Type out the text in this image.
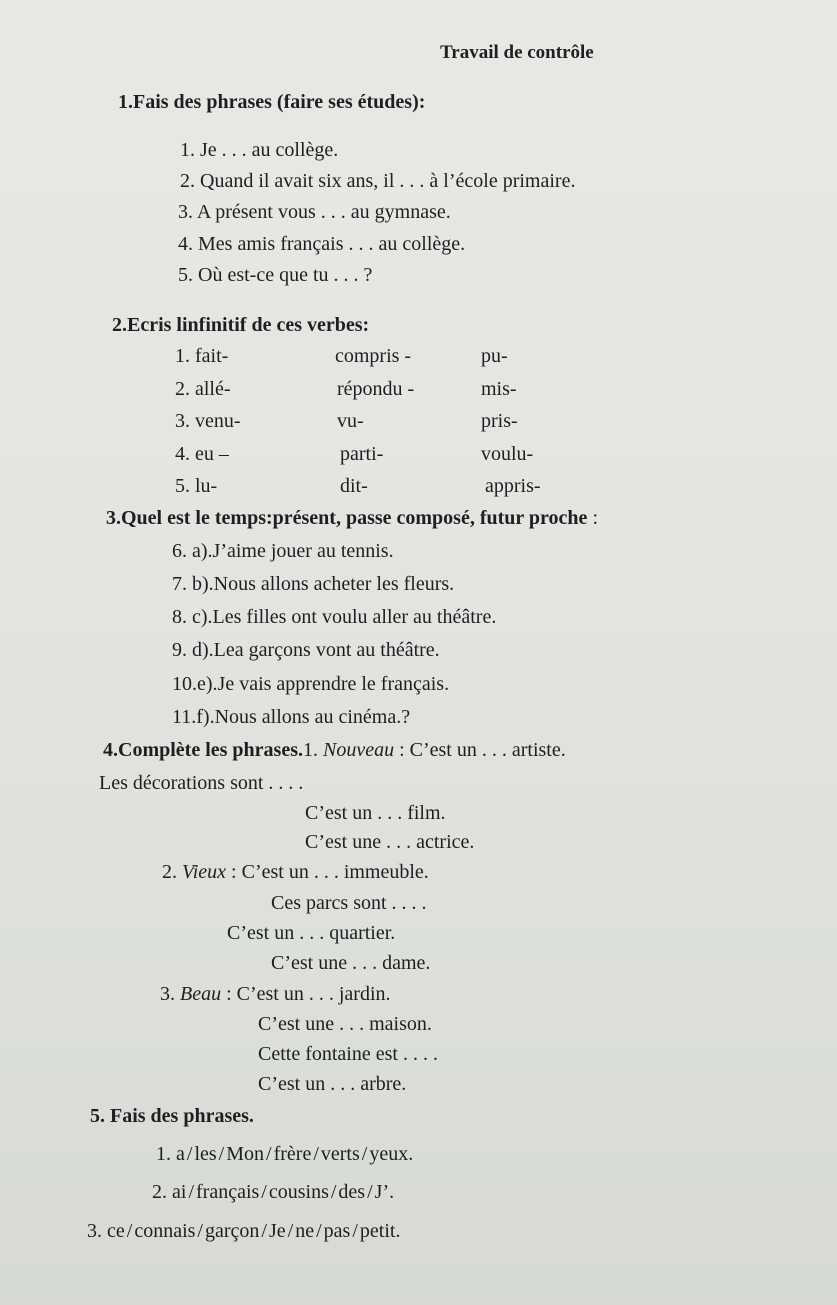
Travail de contrôle
1.Fais des phrases (faire ses études):
1. Je . . . au collège.
2. Quand il avait six ans, il . . . à l’école primaire.
3. A présent vous . . . au gymnase.
4. Mes amis français . . . au collège.
5. Où est-ce que tu . . . ?
2.Ecris linfinitif de ces verbes:
1. fait-	compris -	pu-
2. allé-	répondu -	mis-
3. venu-	vu-	pris-
4. eu –	parti-	voulu-
5. lu-	dit-	appris-
3.Quel est le temps:présent, passe composé, futur proche :
6. a).J’aime jouer au tennis.
7. b).Nous allons acheter les fleurs.
8. c).Les filles ont voulu aller au théâtre.
9. d).Lea garçons vont au théâtre.
10.e).Je vais apprendre le français.
11.f).Nous allons au cinéma.?
4.Complète les phrases.1. Nouveau : C’est un . . . artiste.
Les décorations sont . . . .
C’est un . . . film.
C’est une . . . actrice.
2. Vieux : C’est un . . . immeuble.
Ces parcs sont . . . .
C’est un . . . quartier.
C’est une . . . dame.
3. Beau : C’est un . . . jardin.
C’est une . . . maison.
Cette fontaine est . . . .
C’est un . . . arbre.
5. Fais des phrases.
1. a / les / Mon / frère / verts / yeux.
2. ai / français / cousins / des / J’.
3. ce / connais / garçon / Je / ne / pas / petit.
